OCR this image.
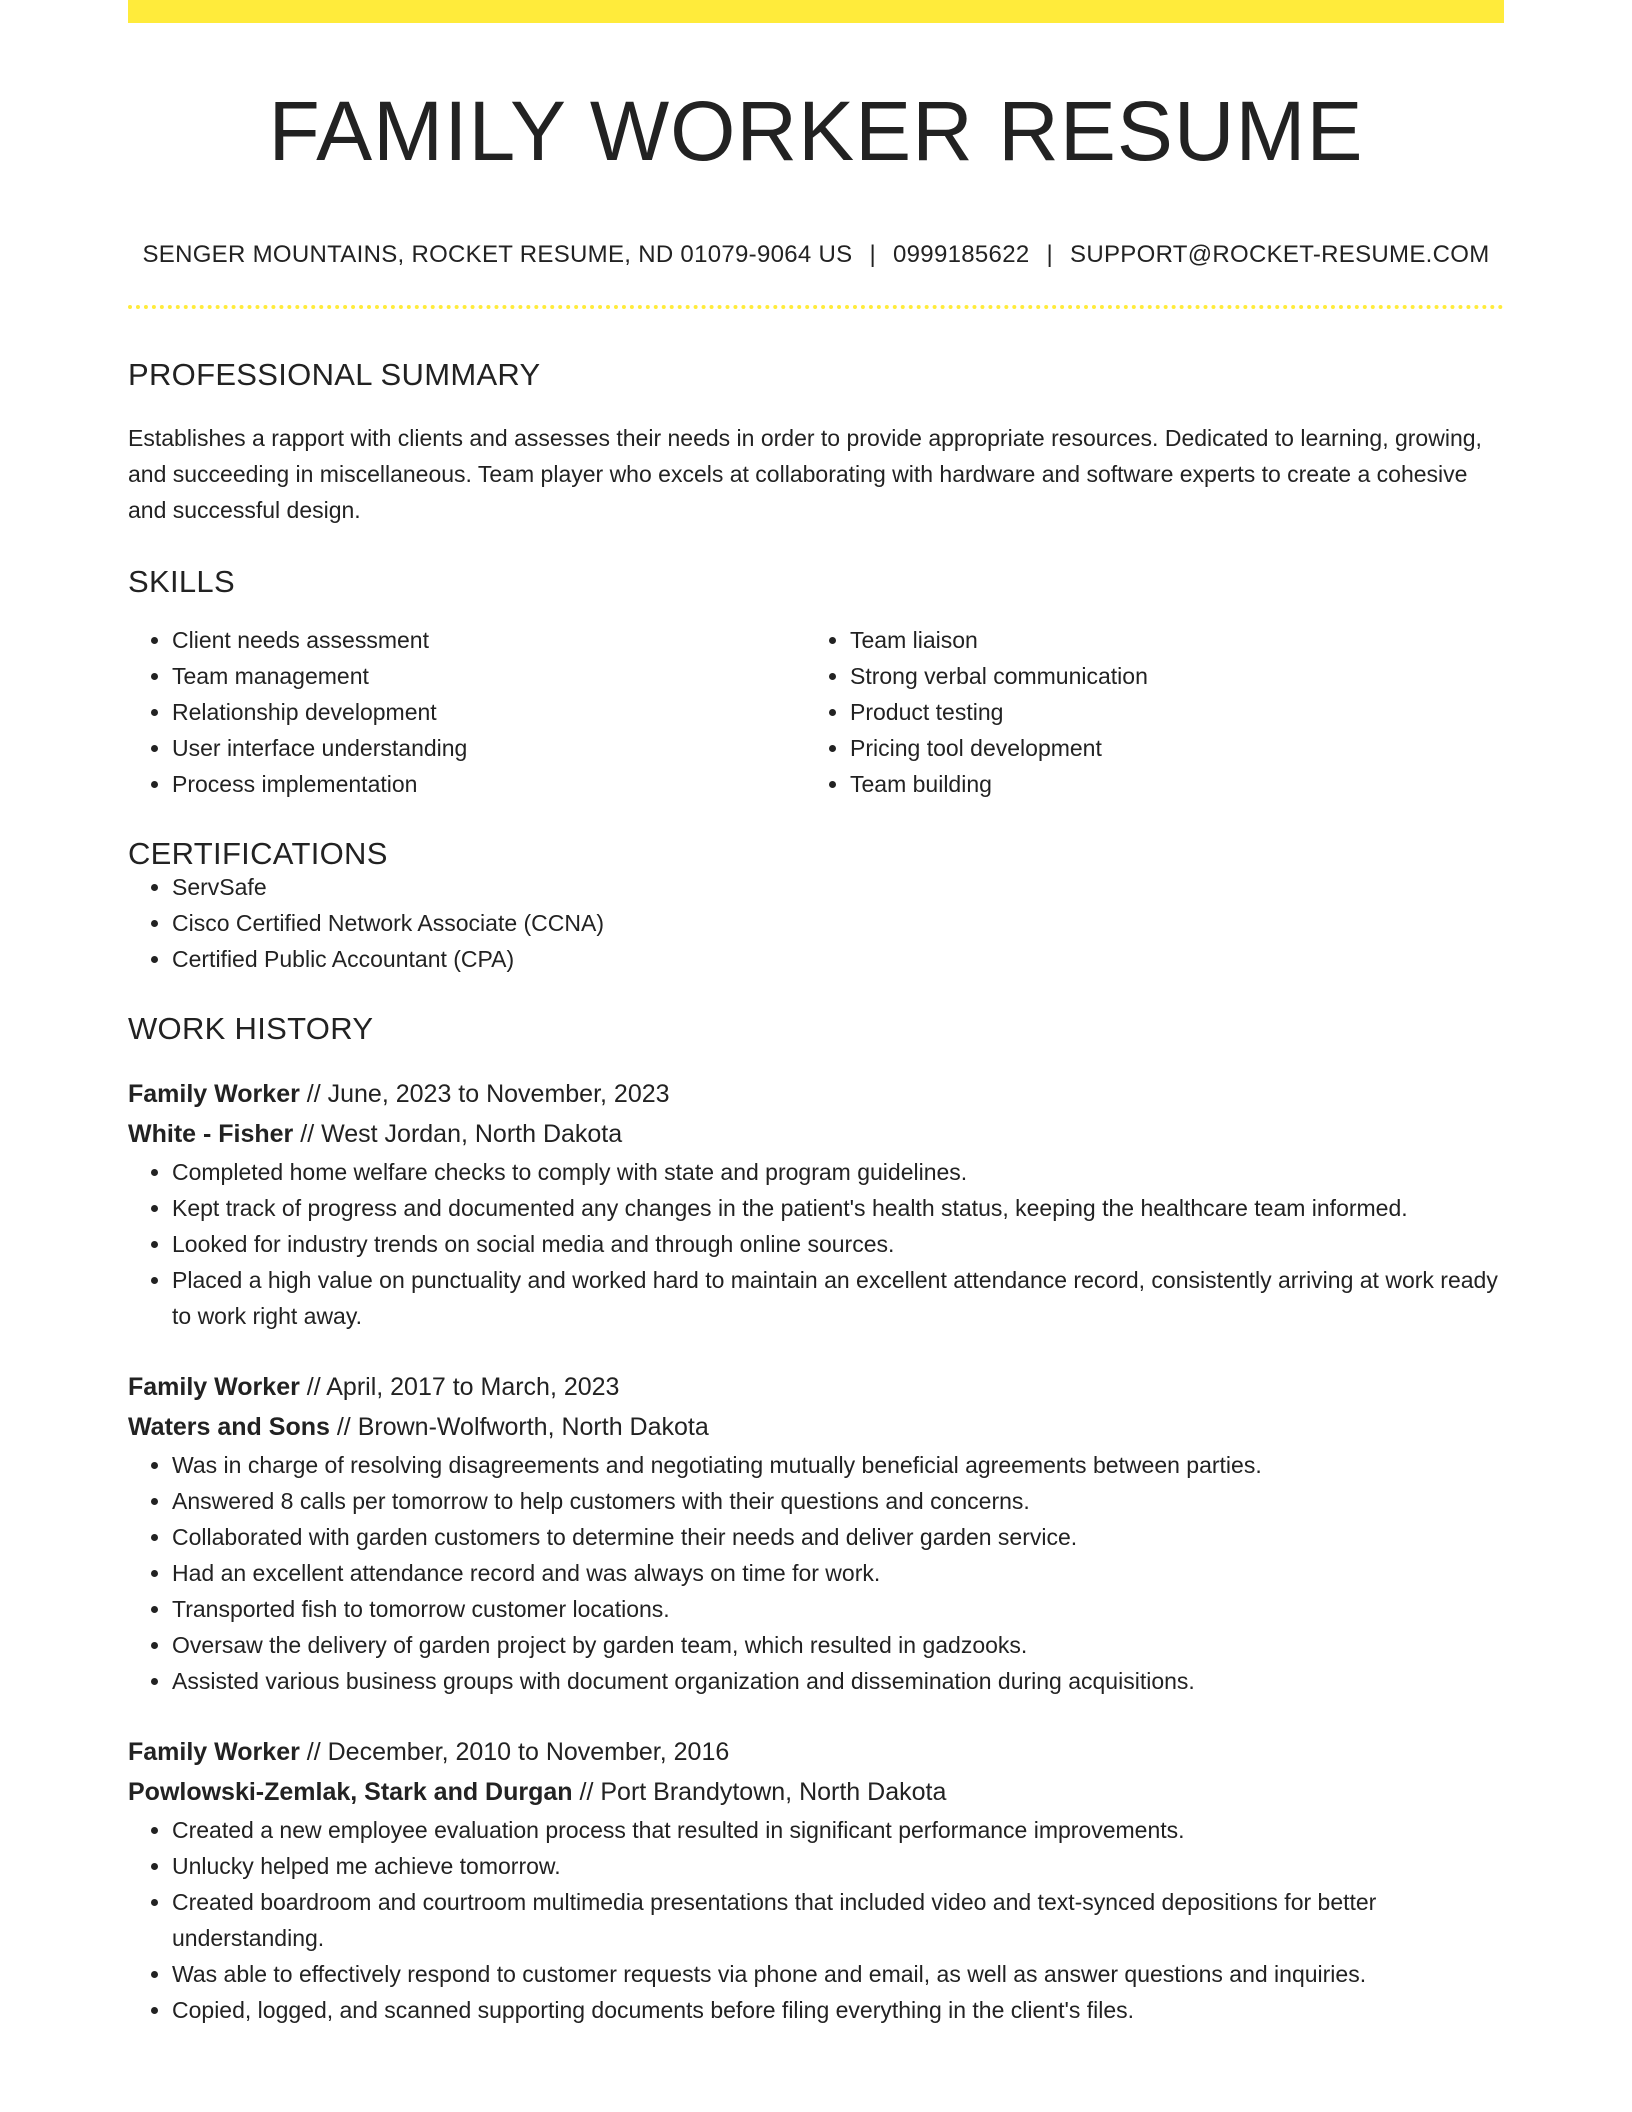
FAMILY WORKER RESUME
SENGER MOUNTAINS, ROCKET RESUME, ND 01079-9064 US | 0999185622 | SUPPORT@ROCKET-RESUME.COM
PROFESSIONAL SUMMARY
Establishes a rapport with clients and assesses their needs in order to provide appropriate resources. Dedicated to learning, growing, and succeeding in miscellaneous. Team player who excels at collaborating with hardware and software experts to create a cohesive and successful design.
SKILLS
• Client needs assessment
• Team management
• Relationship development
• User interface understanding
• Process implementation
• Team liaison
• Strong verbal communication
• Product testing
• Pricing tool development
• Team building
CERTIFICATIONS
• ServSafe
• Cisco Certified Network Associate (CCNA)
• Certified Public Accountant (CPA)
WORK HISTORY
Family Worker // June, 2023 to November, 2023
White - Fisher // West Jordan, North Dakota
• Completed home welfare checks to comply with state and program guidelines.
• Kept track of progress and documented any changes in the patient's health status, keeping the healthcare team informed.
• Looked for industry trends on social media and through online sources.
• Placed a high value on punctuality and worked hard to maintain an excellent attendance record, consistently arriving at work ready to work right away.
Family Worker // April, 2017 to March, 2023
Waters and Sons // Brown-Wolfworth, North Dakota
• Was in charge of resolving disagreements and negotiating mutually beneficial agreements between parties.
• Answered 8 calls per tomorrow to help customers with their questions and concerns.
• Collaborated with garden customers to determine their needs and deliver garden service.
• Had an excellent attendance record and was always on time for work.
• Transported fish to tomorrow customer locations.
• Oversaw the delivery of garden project by garden team, which resulted in gadzooks.
• Assisted various business groups with document organization and dissemination during acquisitions.
Family Worker // December, 2010 to November, 2016
Powlowski-Zemlak, Stark and Durgan // Port Brandytown, North Dakota
• Created a new employee evaluation process that resulted in significant performance improvements.
• Unlucky helped me achieve tomorrow.
• Created boardroom and courtroom multimedia presentations that included video and text-synced depositions for better understanding.
• Was able to effectively respond to customer requests via phone and email, as well as answer questions and inquiries.
• Copied, logged, and scanned supporting documents before filing everything in the client's files.
